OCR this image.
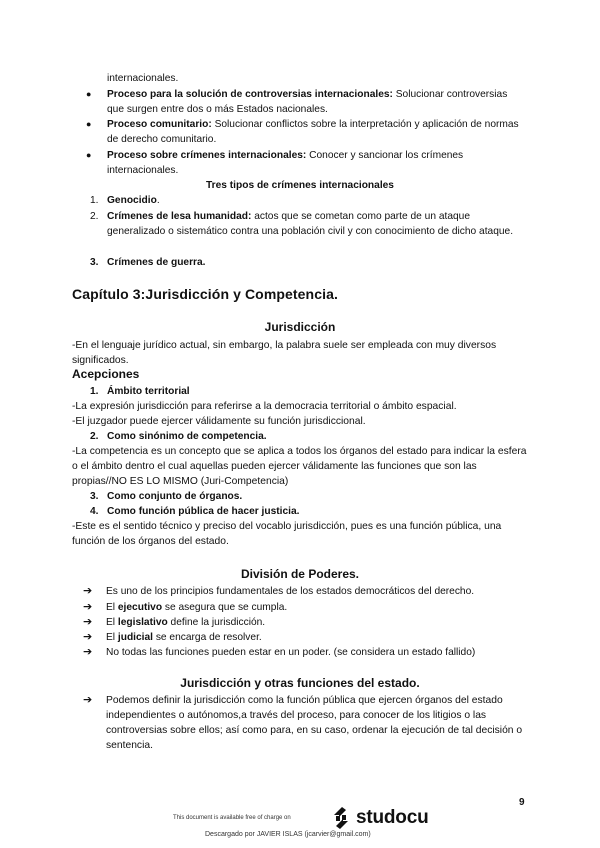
internacionales.
● Proceso para la solución de controversias internacionales: Solucionar controversias que surgen entre dos o más Estados nacionales.
● Proceso comunitario: Solucionar conflictos sobre la interpretación y aplicación de normas de derecho comunitario.
● Proceso sobre crímenes internacionales: Conocer y sancionar los crímenes internacionales.
Tres tipos de crímenes internacionales
1. Genocidio.
2. Crímenes de lesa humanidad: actos que se cometan como parte de un ataque generalizado o sistemático contra una población civil y con conocimiento de dicho ataque.
3. Crímenes de guerra.
Capítulo 3:Jurisdicción y Competencia.
Jurisdicción
-En el lenguaje jurídico actual, sin embargo, la palabra suele ser empleada con muy diversos significados.
Acepciones
1. Ámbito territorial
-La expresión jurisdicción para referirse a la democracia territorial o ámbito espacial.
-El juzgador puede ejercer válidamente su función jurisdiccional.
2. Como sinónimo de competencia.
-La competencia es un concepto que se aplica a todos los órganos del estado para indicar la esfera o el ámbito dentro el cual aquellas pueden ejercer válidamente las funciones que son las propias//NO ES LO MISMO (Juri-Competencia)
3. Como conjunto de órganos.
4. Como función pública de hacer justicia.
-Este es el sentido técnico y preciso del vocablo jurisdicción, pues es una función pública, una función de los órganos del estado.
División de Poderes.
➔ Es uno de los principios fundamentales de los estados democráticos del derecho.
➔ El ejecutivo se asegura que se cumpla.
➔ El legislativo define la jurisdicción.
➔ El judicial se encarga de resolver.
➔ No todas las funciones pueden estar en un poder. (se considera un estado fallido)
Jurisdicción y otras funciones del estado.
➔ Podemos definir la jurisdicción como la función pública que ejercen órganos del estado independientes o autónomos,a través del proceso, para conocer de los litigios o las controversias sobre ellos; así como para, en su caso, ordenar la ejecución de tal decisión o sentencia.
9
This document is available free of charge on	studocu
Descargado por JAVIER ISLAS (jcarvier@gmail.com)
